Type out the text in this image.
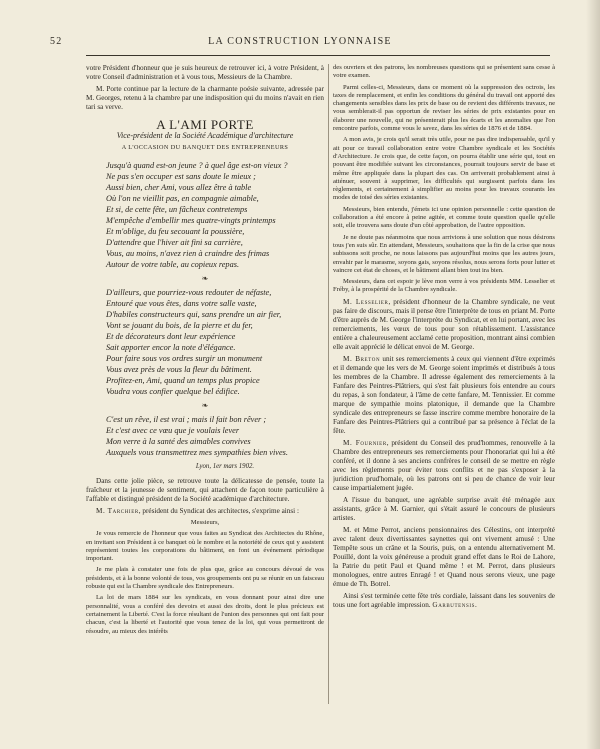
52	LA CONSTRUCTION LYONNAISE

votre Président d'honneur que je suis heureux de retrouver ici, à votre Président, à votre Conseil d'administration et à vous tous, Messieurs de la Chambre.

M. Porte continue par la lecture de la charmante poésie suivante, adressée par M. Georges, retenu à la chambre par une indisposition qui du moins n'avait en rien tari sa verve.

A L'AMI PORTE
Vice-président de la Société Académique d'architecture
A L'OCCASION DU BANQUET DES ENTREPRENEURS
Jusqu'à quand est-on jeune ? à quel âge est-on vieux ?
Ne pas s'en occuper est sans doute le mieux ;
Aussi bien, cher Ami, vous allez être à table
Où l'on ne vieillit pas, en compagnie aimable,
Et si, de cette fête, un fâcheux contretemps
M'empêche d'embellir mes quatre-vingts printemps
Et m'oblige, du feu secouant la poussière,
D'attendre que l'hiver ait fini sa carrière,
Vous, au moins, n'avez rien à craindre des frimas
Autour de votre table, au copieux repas.
❧
D'ailleurs, que pourriez-vous redouter de néfaste,
Entouré que vous êtes, dans votre salle vaste,
D'habiles constructeurs qui, sans prendre un air fier,
Vont se jouant du bois, de la pierre et du fer,
Et de décorateurs dont leur expérience
Sait apporter encor la note d'élégance.
Pour faire sous vos ordres surgir un monument
Vous avez près de vous la fleur du bâtiment.
Profitez-en, Ami, quand un temps plus propice
Voudra vous confier quelque bel édifice.
❧
C'est un rêve, il est vrai ; mais il fait bon rêver ;
Et c'est avec ce vœu que je voulais lever
Mon verre à la santé des aimables convives
Auxquels vous transmettrez mes sympathies bien vives.
Lyon, 1er mars 1902.

Dans cette jolie pièce, se retrouve toute la délicatesse de pensée, toute la fraîcheur et la jeunesse de sentiment, qui attachent de façon toute particulière à l'affable et distingué président de la Société académique d'architecture.

M. Tarchier, président du Syndicat des architectes, s'exprime ainsi :

Messieurs,

Je vous remercie de l'honneur que vous faites au Syndicat des Architectes du Rhône, en invitant son Président à ce banquet où le nombre et la notoriété de ceux qui y assistent représentent toutes les corporations du bâtiment, en font un événement périodique important.

Je me plais à constater une fois de plus que, grâce au concours dévoué de vos présidents, et à la bonne volonté de tous, vos groupements ont pu se réunir en un faisceau robuste qui est la Chambre syndicale des Entrepreneurs.

La loi de mars 1884 sur les syndicats, en vous donnant pour ainsi dire une personnalité, vous a conféré des devoirs et aussi des droits, dont le plus précieux est certainement la Liberté. C'est la force résultant de l'union des personnes qui ont fait pour chacun, c'est la liberté et l'autorité que vous tenez de la loi, qui vous permettront de résoudre, au mieux des intérêts

des ouvriers et des patrons, les nombreuses questions qui se présentent sans cesse à votre examen.

Parmi celles-ci, Messieurs, dans ce moment où la suppression des octrois, les taxes de remplacement, et enfin les conditions du général du travail ont apporté des changements sensibles dans les prix de base ou de revient des différents travaux, ne vous semblerait-il pas opportun de reviser les séries de prix existantes pour en élaborer une nouvelle, qui ne présenterait plus les écarts et les anomalies que l'on rencontre parfois, comme vous le savez, dans les séries de 1876 et de 1884.

A mon avis, je crois qu'il serait très utile, pour ne pas dire indispensable, qu'il y ait pour ce travail collaboration entre votre Chambre syndicale et les Sociétés d'Architecture. Je crois que, de cette façon, on pourra établir une série qui, tout en pouvant être modifiée suivant les circonstances, pourrait toujours servir de base et même être appliquée dans la plupart des cas. On arriverait probablement ainsi à atténuer, souvent à supprimer, les difficultés qui surgissent parfois dans les règlements, et certainement à simplifier au moins pour les travaux courants les modes de toisé des séries existantes.

Messieurs, bien entendu, j'émets ici une opinion personnelle : cette question de collaboration a été encore à peine agitée, et comme toute question quelle qu'elle soit, elle trouvera sans doute d'un côté approbation, de l'autre opposition.

Je ne doute pas néanmoins que nous arrivions à une solution que nous désirons tous j'en suis sûr. En attendant, Messieurs, souhaitons que la fin de la crise que nous subissons soit proche, ne nous laissons pas aujourd'hui moins que les autres jours, envahir par le marasme, soyons gais, soyons résolus, nous serons forts pour lutter et vaincre cet état de choses, et le bâtiment allant bien tout ira bien.

Messieurs, dans cet espoir je lève mon verre à vos présidents MM. Lesselier et Fréby, à la prospérité de la Chambre syndicale.

M. Lesselier, président d'honneur de la Chambre syndicale, ne veut pas faire de discours, mais il pense être l'interprète de tous en priant M. Porte d'être auprès de M. George l'interprète du Syndicat, et en lui portant, avec les remerciements, les vœux de tous pour son rétablissement. L'assistance entière a chaleureusement acclamé cette proposition, montrant ainsi combien elle avait apprécié le délicat envoi de M. George.

M. Breton unit ses remerciements à ceux qui viennent d'être exprimés et il demande que les vers de M. George soient imprimés et distribués à tous les membres de la Chambre. Il adresse également des remerciements à la Fanfare des Peintres-Plâtriers, qui s'est fait plusieurs fois entendre au cours du repas, à son fondateur, à l'âme de cette fanfare, M. Tennissier. Et comme marque de sympathie moins platonique, il demande que la Chambre syndicale des entrepreneurs se fasse inscrire comme membre honoraire de la Fanfare des Peintres-Plâtriers qui a contribué par sa présence à l'éclat de la fête.

M. Fournier, président du Conseil des prud'hommes, renouvelle à la Chambre des entrepreneurs ses remerciements pour l'honorariat qui lui a été conféré, et il donne à ses anciens confrères le conseil de se mettre en règle avec les règlements pour éviter tous conflits et ne pas s'exposer à la juridiction prud'homale, où les patrons ont si peu de chance de voir leur cause impartialement jugée.

A l'issue du banquet, une agréable surprise avait été ménagée aux assistants, grâce à M. Garnier, qui s'était assuré le concours de plusieurs artistes.

M. et Mme Perrot, anciens pensionnaires des Célestins, ont interprété avec talent deux divertissantes saynettes qui ont vivement amusé : Une Tempête sous un crâne et la Souris, puis, on a entendu alternativement M. Pouillé, dont la voix généreuse a produit grand effet dans le Roi de Lahore, la Patrie du petit Paul et Quand même ! et M. Perrot, dans plusieurs monologues, entre autres Enragé ! et Quand nous serons vieux, une page émue de Th. Botrel.

Ainsi s'est terminée cette fête très cordiale, laissant dans les souvenirs de tous une fort agréable impression. Garbutensis.
